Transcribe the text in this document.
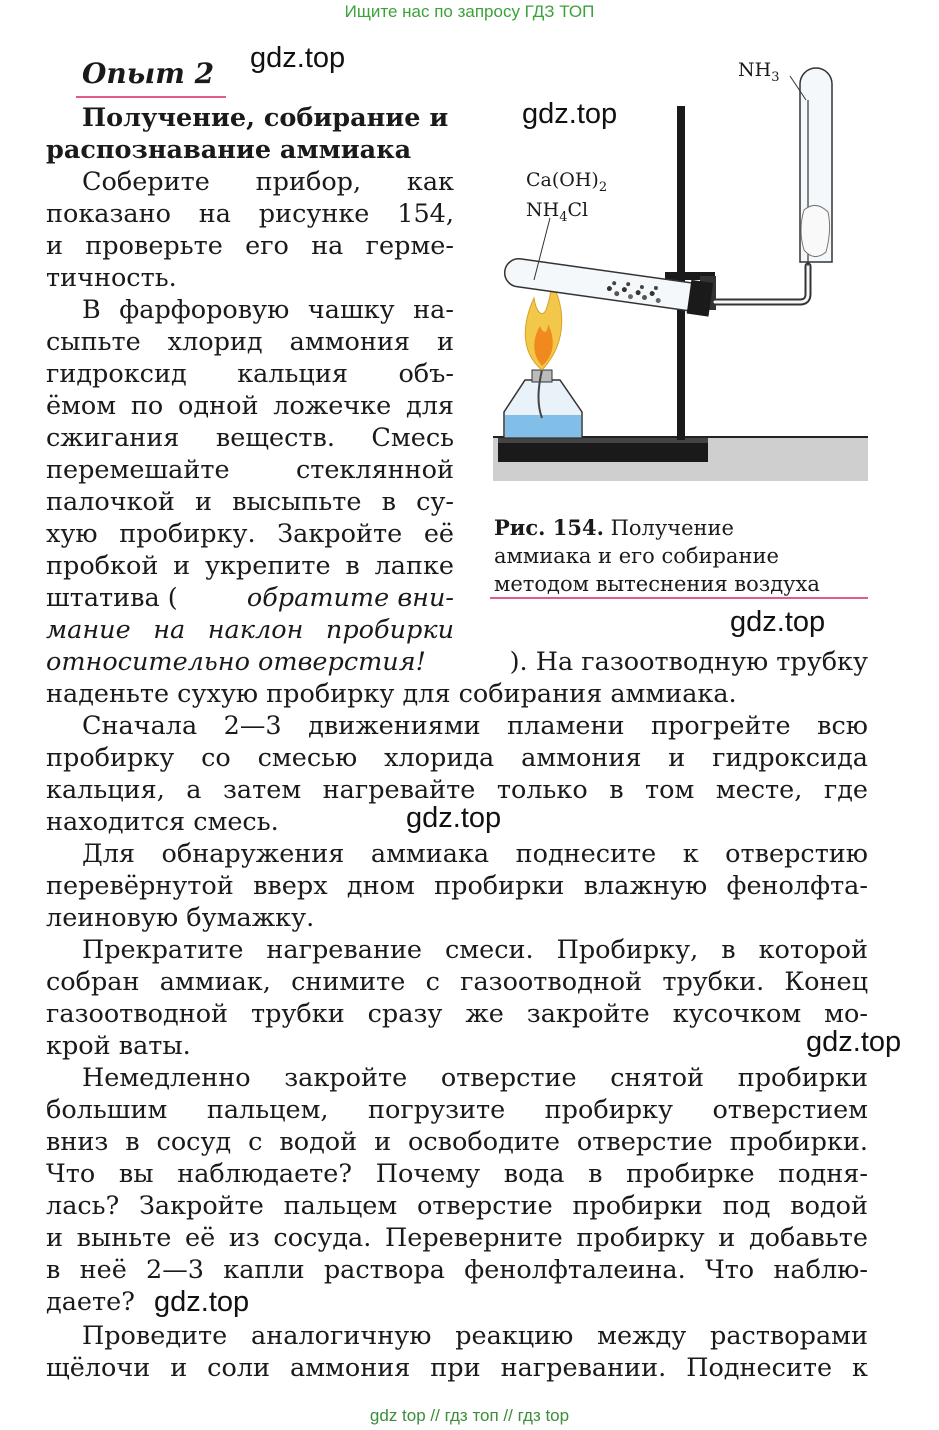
Ищите нас по запросу ГДЗ ТОП
Опыт 2
Получение, собирание и
распознавание аммиака
Соберите прибор, как
показано на рисунке 154,
и проверьте его на герме-
тичность.
В фарфоровую чашку на-
сыпьте хлорид аммония и
гидроксид кальция объ-
ёмом по одной ложечке для
сжигания веществ. Смесь
перемешайте стеклянной
палочкой и высыпьте в су-
хую пробирку. Закройте её
пробкой и укрепите в лапке
штатива (	обратите вни-
мание на наклон пробирки
относительно отверстия!	). На газоотводную трубку
наденьте сухую пробирку для собирания аммиака.
Сначала 2—3 движениями пламени прогрейте всю
пробирку со смесью хлорида аммония и гидроксида
кальция, а затем нагревайте только в том месте, где
находится смесь.
Для обнаружения аммиака поднесите к отверстию
перевёрнутой вверх дном пробирки влажную фенолфта-
леиновую бумажку.
Прекратите нагревание смеси. Пробирку, в которой
собран аммиак, снимите с газоотводной трубки. Конец
газоотводной трубки сразу же закройте кусочком мо-
крой ваты.
Немедленно закройте отверстие снятой пробирки
большим пальцем, погрузите пробирку отверстием
вниз в сосуд с водой и освободите отверстие пробирки.
Что вы наблюдаете? Почему вода в пробирке подня-
лась? Закройте пальцем отверстие пробирки под водой
и выньте её из сосуда. Переверните пробирку и добавьте
в неё 2—3 капли раствора фенолфталеина. Что наблю-
даете?
Проведите аналогичную реакцию между растворами
щёлочи и соли аммония при нагревании. Поднесите к
$NH_3$
$Ca(OH)_2$
$NH_4Cl$
Рис. 154. Получение
аммиака и его собирание
методом вытеснения воздуха
gdz.top
gdz.top
gdz.top
gdz.top
gdz.top
gdz.top
gdz top // гдз топ // гдз top
